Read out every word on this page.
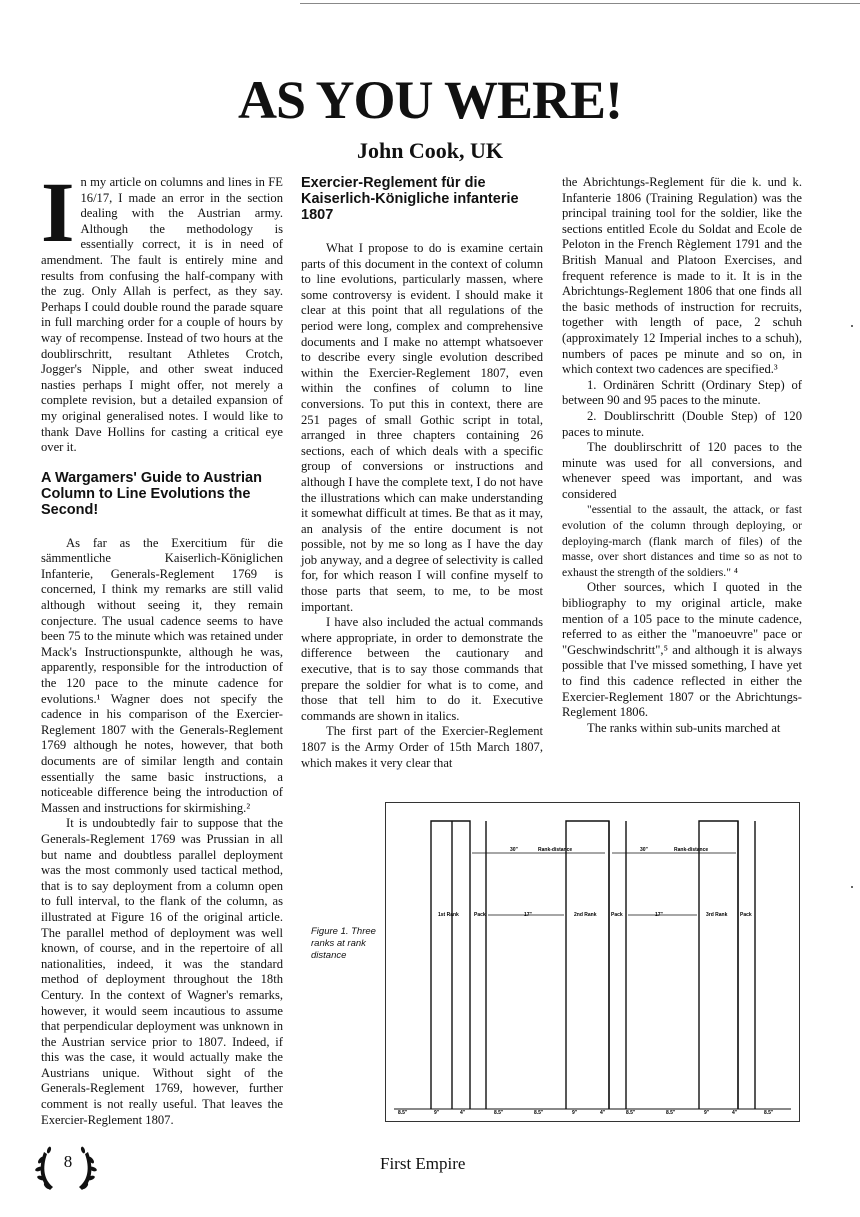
AS YOU WERE!
John Cook, UK

In my article on columns and lines in FE 16/17, I made an error in the section dealing with the Austrian army. Although the methodology is essentially correct, it is in need of amendment. The fault is entirely mine and results from confusing the half-company with the zug. Only Allah is perfect, as they say. Perhaps I could double round the parade square in full marching order for a couple of hours by way of recompense. Instead of two hours at the doublirschritt, resultant Athletes Crotch, Jogger's Nipple, and other sweat induced nasties perhaps I might offer, not merely a complete revision, but a detailed expansion of my original generalised notes. I would like to thank Dave Hollins for casting a critical eye over it.

A Wargamers' Guide to Austrian Column to Line Evolutions the Second!

As far as the Exercitium für die sämmentliche Kaiserlich-Königlichen Infanterie, Generals-Reglement 1769 is concerned, I think my remarks are still valid although without seeing it, they remain conjecture. The usual cadence seems to have been 75 to the minute which was retained under Mack's Instructionspunkte, although he was, apparently, responsible for the introduction of the 120 pace to the minute cadence for evolutions.¹ Wagner does not specify the cadence in his comparison of the Exercier-Reglement 1807 with the Generals-Reglement 1769 although he notes, however, that both documents are of similar length and contain essentially the same basic instructions, a noticeable difference being the introduction of Massen and instructions for skirmishing.²

It is undoubtedly fair to suppose that the Generals-Reglement 1769 was Prussian in all but name and doubtless parallel deployment was the most commonly used tactical method, that is to say deployment from a column open to full interval, to the flank of the column, as illustrated at Figure 16 of the original article. The parallel method of deployment was well known, of course, and in the repertoire of all nationalities, indeed, it was the standard method of deployment throughout the 18th Century. In the context of Wagner's remarks, however, it would seem incautious to assume that perpendicular deployment was unknown in the Austrian service prior to 1807. Indeed, if this was the case, it would actually make the Austrians unique. Without sight of the Generals-Reglement 1769, however, further comment is not really useful. That leaves the Exercier-Reglement 1807.

Exercier-Reglement für die Kaiserlich-Königliche infanterie 1807

What I propose to do is examine certain parts of this document in the context of column to line evolutions, particularly massen, where some controversy is evident. I should make it clear at this point that all regulations of the period were long, complex and comprehensive documents and I make no attempt whatsoever to describe every single evolution described within the Exercier-Reglement 1807, even within the confines of column to line conversions. To put this in context, there are 251 pages of small Gothic script in total, arranged in three chapters containing 26 sections, each of which deals with a specific group of conversions or instructions and although I have the complete text, I do not have the illustrations which can make understanding it somewhat difficult at times. Be that as it may, an analysis of the entire document is not possible, not by me so long as I have the day job anyway, and a degree of selectivity is called for, for which reason I will confine myself to those parts that seem, to me, to be most important.

I have also included the actual commands where appropriate, in order to demonstrate the difference between the cautionary and executive, that is to say those commands that prepare the soldier for what is to come, and those that tell him to do it. Executive commands are shown in italics.

The first part of the Exercier-Reglement 1807 is the Army Order of 15th March 1807, which makes it very clear that

the Abrichtungs-Reglement für die k. und k. Infanterie 1806 (Training Regulation) was the principal training tool for the soldier, like the sections entitled Ecole du Soldat and Ecole de Peloton in the French Règlement 1791 and the British Manual and Platoon Exercises, and frequent reference is made to it. It is in the Abrichtungs-Reglement 1806 that one finds all the basic methods of instruction for recruits, together with length of pace, 2 schuh (approximately 12 Imperial inches to a schuh), numbers of paces pe minute and so on, in which context two cadences are specified.³

1. Ordinären Schritt (Ordinary Step) of between 90 and 95 paces to the minute.

2. Doublirschritt (Double Step) of 120 paces to minute.

The doublirschritt of 120 paces to the minute was used for all conversions, and whenever speed was important, and was considered

"essential to the assault, the attack, or fast evolution of the column through deploying, or deploying-march (flank march of files) of the masse, over short distances and time so as not to exhaust the strength of the soldiers." ⁴

Other sources, which I quoted in the bibliography to my original article, make mention of a 105 pace to the minute cadence, referred to as either the "manoeuvre" pace or "Geschwindschritt",⁵ and although it is always possible that I've missed something, I have yet to find this cadence reflected in either the Exercier-Reglement 1807 or the Abrichtungs-Reglement 1806.

The ranks within sub-units marched at

Figure 1. Three ranks at rank distance
1st Rank	Pack	2nd Rank	Pack	3rd Rank	Pack
30"	Rank-distance	30"	Rank-distance
17"	17"
8.5"	9"	4"	8.5"	8.5"	9"	4"	8.5"	8.5"	9"	4"	8.5"
8	First Empire
